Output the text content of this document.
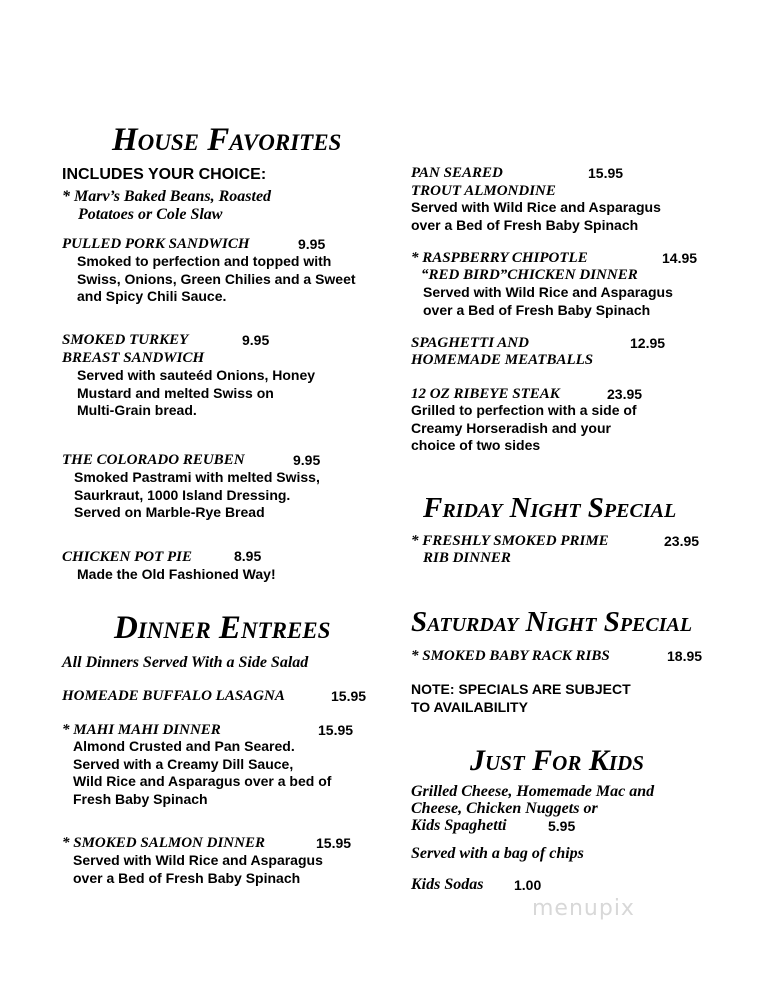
House Favorites
INCLUDES YOUR CHOICE:
* Marv’s Baked Beans, Roasted
Potatoes or Cole Slaw
PULLED PORK SANDWICH	9.95
Smoked to perfection and topped with
Swiss, Onions, Green Chilies and a Sweet
and Spicy Chili Sauce.
SMOKED TURKEY	9.95
BREAST SANDWICH
Served with sauteéd Onions, Honey
Mustard and melted Swiss on
Multi-Grain bread.
THE COLORADO REUBEN	9.95
Smoked Pastrami with melted Swiss,
Saurkraut, 1000 Island Dressing.
Served on Marble-Rye Bread
CHICKEN POT PIE	8.95
Made the Old Fashioned Way!
Dinner Entrees
All Dinners Served With a Side Salad
HOMEADE BUFFALO LASAGNA	15.95
* MAHI MAHI DINNER	15.95
Almond Crusted and Pan Seared.
Served with a Creamy Dill Sauce,
Wild Rice and Asparagus over a bed of
Fresh Baby Spinach
* SMOKED SALMON DINNER	15.95
Served with Wild Rice and Asparagus
over a Bed of Fresh Baby Spinach
PAN SEARED	15.95
TROUT ALMONDINE
Served with Wild Rice and Asparagus
over a Bed of Fresh Baby Spinach
* RASPBERRY CHIPOTLE	14.95
“RED BIRD”CHICKEN DINNER
Served with Wild Rice and Asparagus
over a Bed of Fresh Baby Spinach
SPAGHETTI AND	12.95
HOMEMADE MEATBALLS
12 OZ RIBEYE STEAK	23.95
Grilled to perfection with a side of
Creamy Horseradish and your
choice of two sides
Friday Night Special
* FRESHLY SMOKED PRIME	23.95
RIB DINNER
Saturday Night Special
* SMOKED BABY RACK RIBS	18.95
NOTE: SPECIALS ARE SUBJECT
TO AVAILABILITY
Just For Kids
Grilled Cheese, Homemade Mac and
Cheese, Chicken Nuggets or
Kids Spaghetti	5.95
Served with a bag of chips
Kids Sodas 1.00
menupix
